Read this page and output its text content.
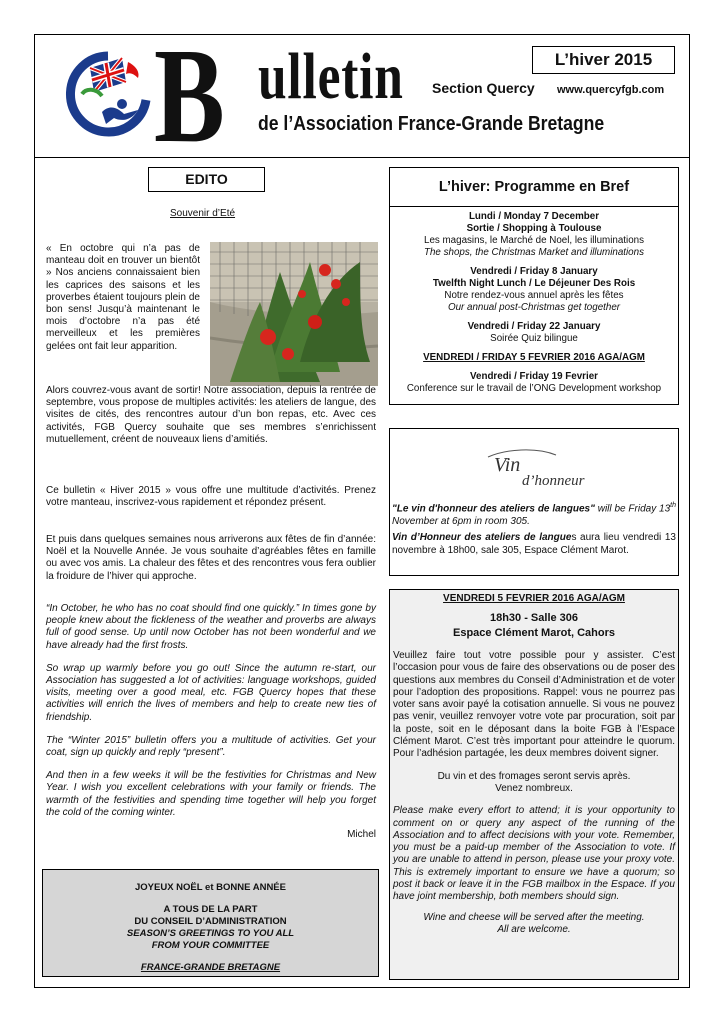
B ulletin Section Quercy www.quercyfgb.com
de l’Association France-Grande Bretagne
L’hiver 2015
EDITO
Souvenir d’Eté

« En octobre qui n’a pas de manteau doit en trouver un bientôt » Nos anciens connaissaient bien les caprices des saisons et les proverbes étaient toujours plein de bon sens! Jusqu’à maintenant le mois d’octobre n’a pas été merveilleux et les premières gelées ont fait leur apparition.

Alors couvrez-vous avant de sortir! Notre association, depuis la rentrée de septembre, vous propose de multiples activités: les ateliers de langue, des visites de cités, des rencontres autour d’un bon repas, etc. Avec ces activités, FGB Quercy souhaite que ses membres s’enrichissent mutuellement, créent de nouveaux liens d’amitiés.

Ce bulletin « Hiver 2015 » vous offre une multitude d’activités. Prenez votre manteau, inscrivez-vous rapidement et répondez présent.

Et puis dans quelques semaines nous arriverons aux fêtes de fin d’année: Noël et la Nouvelle Année. Je vous souhaite d’agréables fêtes en famille ou avec vos amis. La chaleur des fêtes et des rencontres vous fera oublier la froidure de l’hiver qui approche.

“In October, he who has no coat should find one quickly.” In times gone by people knew about the fickleness of the weather and proverbs are always full of good sense. Up until now October has not been wonderful and we have already had the first frosts.

So wrap up warmly before you go out! Since the autumn re-start, our Association has suggested a lot of activities: language workshops, guided visits, meeting over a good meal, etc. FGB Quercy hopes that these activities will enrich the lives of members and help to create new ties of friendship.

The “Winter 2015” bulletin offers you a multitude of activities. Get your coat, sign up quickly and reply “present”.

And then in a few weeks it will be the festivities for Christmas and New Year. I wish you excellent celebrations with your family or friends. The warmth of the festivities and spending time together will help you forget the cold of the coming winter.

Michel
JOYEUX NOËL et BONNE ANNÉE
A TOUS DE LA PART
DU CONSEIL D’ADMINISTRATION
SEASON’S GREETINGS TO YOU ALL
FROM YOUR COMMITTEE
FRANCE-GRANDE BRETAGNE
L’hiver: Programme en Bref
Lundi / Monday 7 December
Sortie / Shopping à Toulouse
Les magasins, le Marché de Noel, les illuminations
The shops, the Christmas Market and illuminations
Vendredi / Friday 8 January
Twelfth Night Lunch / Le Déjeuner Des Rois
Notre rendez-vous annuel après les fêtes
Our annual post-Christmas get together
Vendredi / Friday 22 January
Soirée Quiz bilingue
VENDREDI / FRIDAY 5 FEVRIER 2016 AGA/AGM
Vendredi / Friday 19 Fevrier
Conference sur le travail de l’ONG Development workshop
Vin
d’honneur
"Le vin d'honneur des ateliers de langues" will be Friday 13th November at 6pm in room 305.
Vin d’Honneur des ateliers de langues aura lieu vendredi 13 novembre à 18h00, sale 305, Espace Clément Marot.
VENDREDI 5 FEVRIER 2016 AGA/AGM
18h30 - Salle 306
Espace Clément Marot, Cahors

Veuillez faire tout votre possible pour y assister. C’est l’occasion pour vous de faire des observations ou de poser des questions aux membres du Conseil d’Administration et de voter pour l’adoption des propositions. Rappel: vous ne pourrez pas voter sans avoir payé la cotisation annuelle. Si vous ne pouvez pas venir, veuillez renvoyer votre vote par procuration, soit par la poste, soit en le déposant dans la boite FGB à l’Espace Clément Marot. C’est très important pour atteindre le quorum. Pour l’adhésion partagée, les deux membres doivent signer.

Du vin et des fromages seront servis après.
Venez nombreux.

Please make every effort to attend; it is your opportunity to comment on or query any aspect of the running of the Association and to affect decisions with your vote. Remember, you must be a paid-up member of the Association to vote. If you are unable to attend in person, please use your proxy vote. This is extremely important to ensure we have a quorum; so post it back or leave it in the FGB mailbox in the Espace. If you have joint membership, both members should sign.

Wine and cheese will be served after the meeting.
All are welcome.
